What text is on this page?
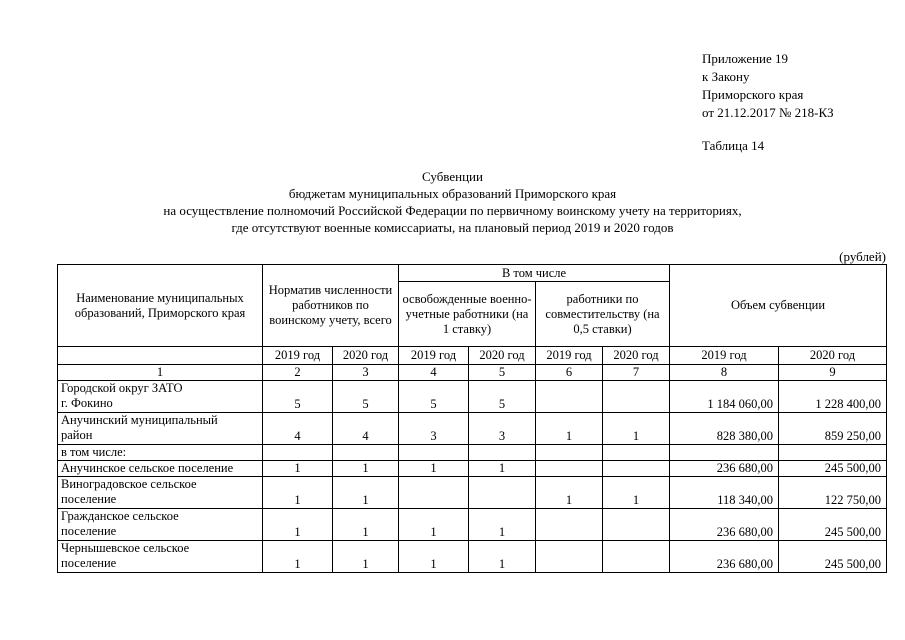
Приложение 19
к Закону
Приморского края
от 21.12.2017 № 218-КЗ
Таблица 14
Субвенции
бюджетам муниципальных образований Приморского края
на осуществление полномочий Российской Федерации по первичному воинскому учету на территориях,
где отсутствуют военные комиссариаты, на плановый период 2019 и 2020 годов
(рублей)
Наименование муниципальных образований, Приморского края	Норматив численности работников по воинскому учету, всего		В том числе				Объем субвенции	
			освобожденные военно-учетные работники (на 1 ставку)		работники по совместительству (на 0,5 ставки)			
	2019 год	2020 год	2019 год	2020 год	2019 год	2020 год	2019 год	2020 год
1	2	3	4	5	6	7	8	9

Городской округ ЗАТО
г. Фокино	5	5	5	5			1 184 060,00	1 228 400,00

Анучинский муниципальный
район	4	4	3	3	1	1	828 380,00	859 250,00

в том числе:								

Анучинское сельское поселение	1	1	1	1			236 680,00	245 500,00

Виноградовское сельское
поселение	1	1			1	1	118 340,00	122 750,00

Гражданское сельское
поселение	1	1	1	1			236 680,00	245 500,00

Чернышевское сельское
поселение	1	1	1	1			236 680,00	245 500,00
